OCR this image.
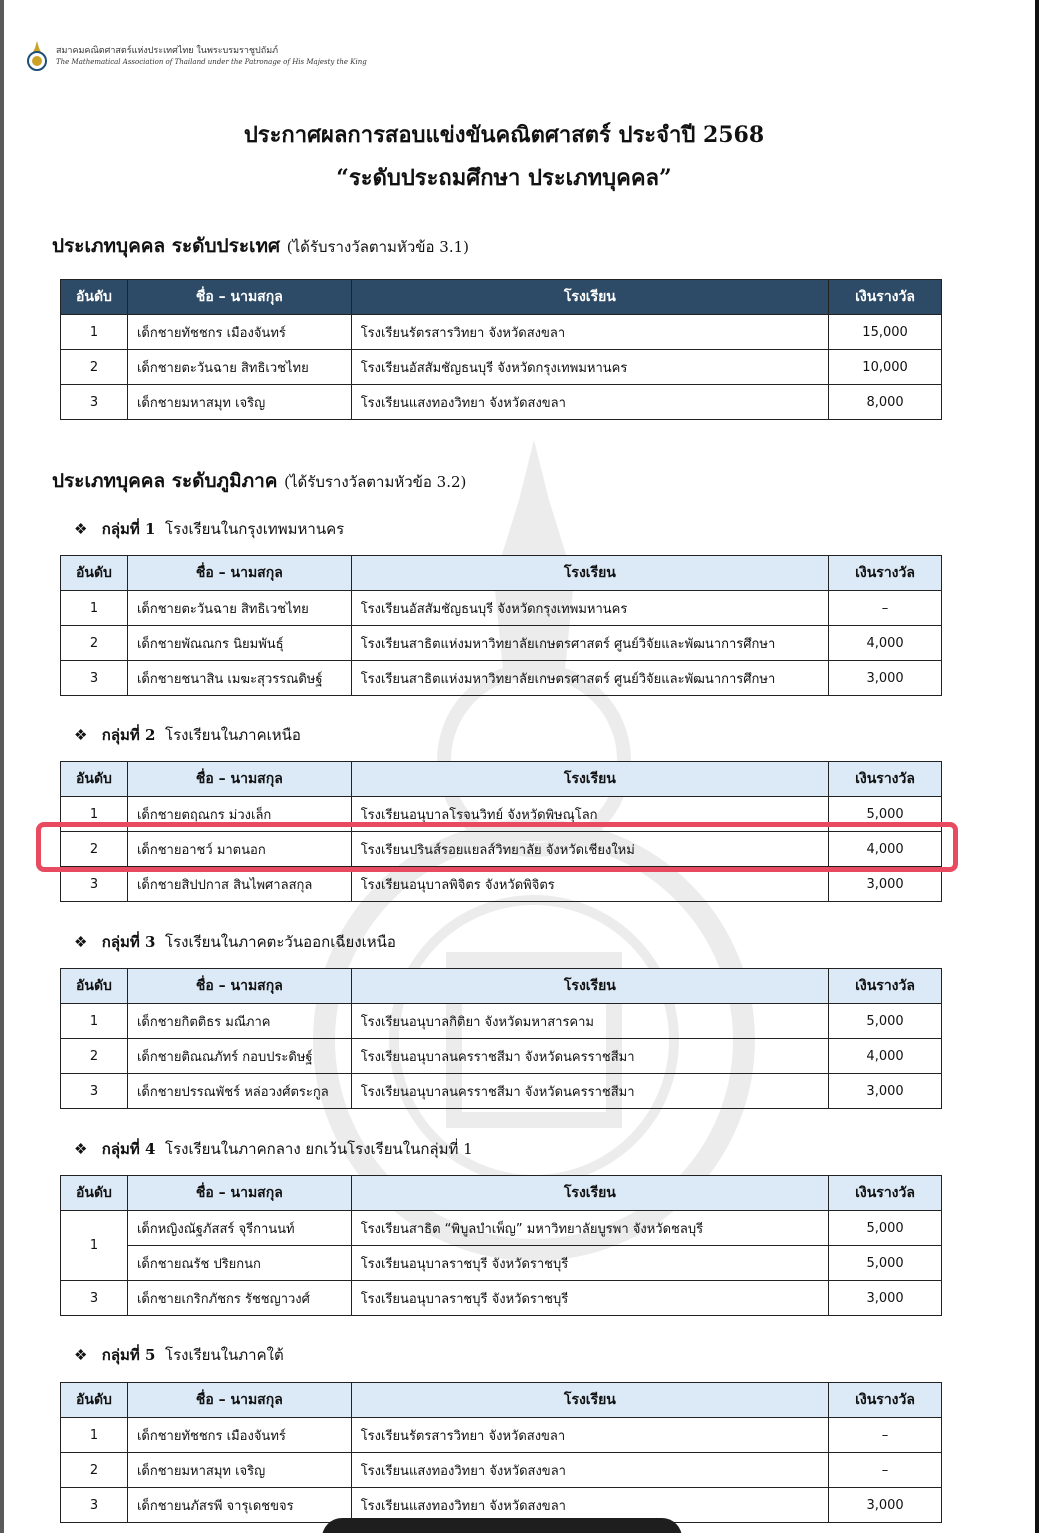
สมาคมคณิตศาสตร์แห่งประเทศไทย ในพระบรมราชูปถัมภ์
The Mathematical Association of Thailand under the Patronage of His Majesty the King
ประกาศผลการสอบแข่งขันคณิตศาสตร์ ประจำปี 2568
“ระดับประถมศึกษา ประเภทบุคคล”
ประเภทบุคคล ระดับประเทศ (ได้รับรางวัลตามหัวข้อ 3.1)
อันดับ	ชื่อ – นามสกุล	โรงเรียน	เงินรางวัล
1	เด็กชายทัชชกร เมืองจันทร์	โรงเรียนรัตรสารวิทยา จังหวัดสงขลา	15,000
2	เด็กชายตะวันฉาย สิทธิเวชไทย	โรงเรียนอัสสัมชัญธนบุรี จังหวัดกรุงเทพมหานคร	10,000
3	เด็กชายมหาสมุท เจริญ	โรงเรียนแสงทองวิทยา จังหวัดสงขลา	8,000
ประเภทบุคคล ระดับภูมิภาค (ได้รับรางวัลตามหัวข้อ 3.2)
❖ กลุ่มที่ 1 โรงเรียนในกรุงเทพมหานคร
อันดับ	ชื่อ – นามสกุล	โรงเรียน	เงินรางวัล
1	เด็กชายตะวันฉาย สิทธิเวชไทย	โรงเรียนอัสสัมชัญธนบุรี จังหวัดกรุงเทพมหานคร	–
2	เด็กชายพัณณกร นิยมพันธุ์	โรงเรียนสาธิตแห่งมหาวิทยาลัยเกษตรศาสตร์ ศูนย์วิจัยและพัฒนาการศึกษา	4,000
3	เด็กชายชนาสิน เมฆะสุวรรณดิษฐ์	โรงเรียนสาธิตแห่งมหาวิทยาลัยเกษตรศาสตร์ ศูนย์วิจัยและพัฒนาการศึกษา	3,000
❖ กลุ่มที่ 2 โรงเรียนในภาคเหนือ
อันดับ	ชื่อ – นามสกุล	โรงเรียน	เงินรางวัล
1	เด็กชายตฤณกร ม่วงเล็ก	โรงเรียนอนุบาลโรจนวิทย์ จังหวัดพิษณุโลก	5,000
2	เด็กชายอาชว์ มาตนอก	โรงเรียนปรินส์รอยแยลส์วิทยาลัย จังหวัดเชียงใหม่	4,000
3	เด็กชายสิปปกาส สินไพศาลสกุล	โรงเรียนอนุบาลพิจิตร จังหวัดพิจิตร	3,000
❖ กลุ่มที่ 3 โรงเรียนในภาคตะวันออกเฉียงเหนือ
อันดับ	ชื่อ – นามสกุล	โรงเรียน	เงินรางวัล
1	เด็กชายกิตติธร มณีภาค	โรงเรียนอนุบาลกิติยา จังหวัดมหาสารคาม	5,000
2	เด็กชายติณณภัทร์ กอบประดิษฐ์	โรงเรียนอนุบาลนครราชสีมา จังหวัดนครราชสีมา	4,000
3	เด็กชายปรรณพัชร์ หล่อวงศ์ตระกูล	โรงเรียนอนุบาลนครราชสีมา จังหวัดนครราชสีมา	3,000
❖ กลุ่มที่ 4 โรงเรียนในภาคกลาง ยกเว้นโรงเรียนในกลุ่มที่ 1
อันดับ	ชื่อ – นามสกุล	โรงเรียน	เงินรางวัล
1	เด็กหญิงณัฐภัสสร์ จุรีกานนท์	โรงเรียนสาธิต “พิบูลบำเพ็ญ” มหาวิทยาลัยบูรพา จังหวัดชลบุรี	5,000
	เด็กชายณรัช ปริยกนก	โรงเรียนอนุบาลราชบุรี จังหวัดราชบุรี	5,000
3	เด็กชายเกริกภัชกร รัชชญาวงศ์	โรงเรียนอนุบาลราชบุรี จังหวัดราชบุรี	3,000
❖ กลุ่มที่ 5 โรงเรียนในภาคใต้
อันดับ	ชื่อ – นามสกุล	โรงเรียน	เงินรางวัล
1	เด็กชายทัชชกร เมืองจันทร์	โรงเรียนรัตรสารวิทยา จังหวัดสงขลา	–
2	เด็กชายมหาสมุท เจริญ	โรงเรียนแสงทองวิทยา จังหวัดสงขลา	–
3	เด็กชายนภัสรพี จารุเดชขจร	โรงเรียนแสงทองวิทยา จังหวัดสงขลา	3,000
